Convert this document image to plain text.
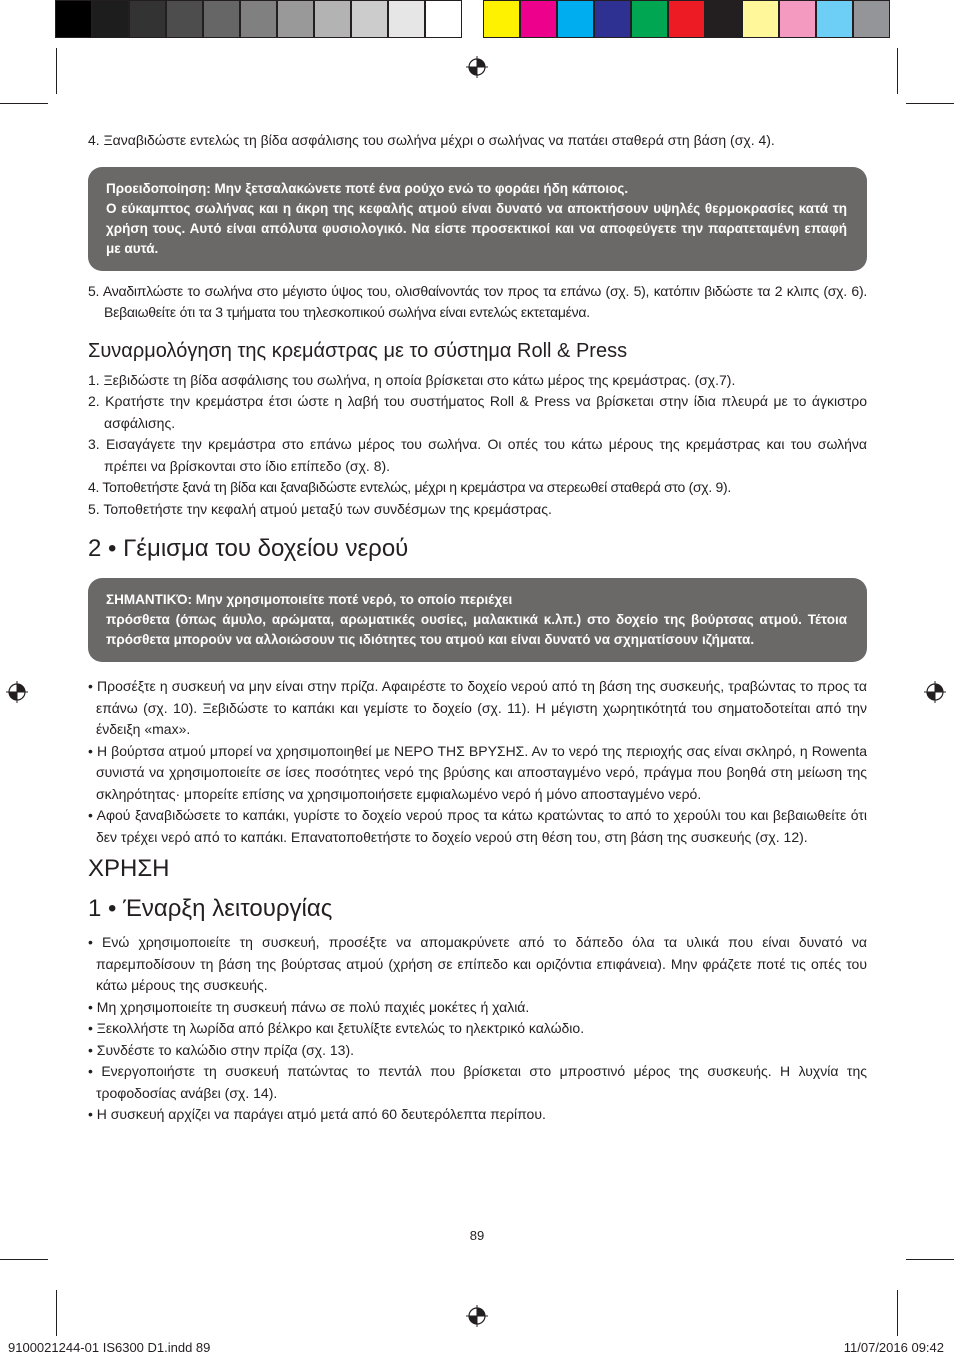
4. Ξαναβιδώστε εντελώς τη βίδα ασφάλισης του σωλήνα μέχρι ο σωλήνας να πατάει σταθερά στη βάση (σχ. 4).

Προειδοποίηση: Μην ξετσαλακώνετε ποτέ ένα ρούχο ενώ το φοράει ήδη κάποιος.

Ο εύκαμπτος σωλήνας και η άκρη της κεφαλής ατμού είναι δυνατό να αποκτήσουν υψηλές θερμοκρασίες κατά τη χρήση τους. Αυτό είναι απόλυτα φυσιολογικό. Να είστε προσεκτικοί και να αποφεύγετε την παρατεταμένη επαφή με αυτά.

5. Αναδιπλώστε το σωλήνα στο μέγιστο ύψος του, ολισθαίνοντάς τον προς τα επάνω (σχ. 5), κατόπιν βιδώστε τα 2 κλιπς (σχ. 6). Βεβαιωθείτε ότι τα 3 τμήματα του τηλεσκοπικού σωλήνα είναι εντελώς εκτεταμένα.
Συναρμολόγηση της κρεμάστρας με το σύστημα Roll & Press
1. Ξεβιδώστε τη βίδα ασφάλισης του σωλήνα, η οποία βρίσκεται στο κάτω μέρος της κρεμάστρας. (σχ.7).
2. Κρατήστε την κρεμάστρα έτσι ώστε η λαβή του συστήματος Roll & Press να βρίσκεται στην ίδια πλευρά με το άγκιστρο ασφάλισης.
3. Εισαγάγετε την κρεμάστρα στο επάνω μέρος του σωλήνα. Οι οπές του κάτω μέρους της κρεμάστρας και του σωλήνα πρέπει να βρίσκονται στο ίδιο επίπεδο (σχ. 8).
4. Τοποθετήστε ξανά τη βίδα και ξαναβιδώστε εντελώς, μέχρι η κρεμάστρα να στερεωθεί σταθερά στο (σχ. 9).
5. Τοποθετήστε την κεφαλή ατμού μεταξύ των συνδέσμων της κρεμάστρας.
2 • Γέμισμα του δοχείου νερού

ΣΗΜΑΝΤΙΚΌ: Μην χρησιμοποιείτε ποτέ νερό, το οποίο περιέχει

πρόσθετα (όπως άμυλο, αρώματα, αρωματικές ουσίες, μαλακτικά κ.λπ.) στο δοχείο της βούρτσας ατμού. Τέτοια πρόσθετα μπορούν να αλλοιώσουν τις ιδιότητες του ατμού και είναι δυνατό να σχηματίσουν ιζήματα.

• Προσέξτε η συσκευή να μην είναι στην πρίζα. Αφαιρέστε το δοχείο νερού από τη βάση της συσκευής, τραβώντας το προς τα επάνω (σχ. 10). Ξεβιδώστε το καπάκι και γεμίστε το δοχείο (σχ. 11). Η μέγιστη χωρητικότητά του σηματοδοτείται από την ένδειξη «max».
• Η βούρτσα ατμού μπορεί να χρησιμοποιηθεί με ΝΕΡΟ ΤΗΣ ΒΡΥΣΗΣ. Αν το νερό της περιοχής σας είναι σκληρό, η Rowenta συνιστά να χρησιμοποιείτε σε ίσες ποσότητες νερό της βρύσης και αποσταγμένο νερό, πράγμα που βοηθά στη μείωση της σκληρότητας· μπορείτε επίσης να χρησιμοποιήσετε εμφιαλωμένο νερό ή μόνο αποσταγμένο νερό.
• Αφού ξαναβιδώσετε το καπάκι, γυρίστε το δοχείο νερού προς τα κάτω κρατώντας το από το χερούλι του και βεβαιωθείτε ότι δεν τρέχει νερό από το καπάκι. Επανατοποθετήστε το δοχείο νερού στη θέση του, στη βάση της συσκευής (σχ. 12).
ΧΡΗΣΗ
1 • Έναρξη λειτουργίας
• Ενώ χρησιμοποιείτε τη συσκευή, προσέξτε να απομακρύνετε από το δάπεδο όλα τα υλικά που είναι δυνατό να παρεμποδίσουν τη βάση της βούρτσας ατμού (χρήση σε επίπεδο και οριζόντια επιφάνεια). Μην φράζετε ποτέ τις οπές του κάτω μέρους της συσκευής.
• Μη χρησιμοποιείτε τη συσκευή πάνω σε πολύ παχιές μοκέτες ή χαλιά.
• Ξεκολλήστε τη λωρίδα από βέλκρο και ξετυλίξτε εντελώς το ηλεκτρικό καλώδιο.
• Συνδέστε το καλώδιο στην πρίζα (σχ. 13).
• Ενεργοποιήστε τη συσκευή πατώντας το πεντάλ που βρίσκεται στο μπροστινό μέρος της συσκευής. Η λυχνία της τροφοδοσίας ανάβει (σχ. 14).
• Η συσκευή αρχίζει να παράγει ατμό μετά από 60 δευτερόλεπτα περίπου.
89
9100021244-01 IS6300 D1.indd 89	11/07/2016 09:42
